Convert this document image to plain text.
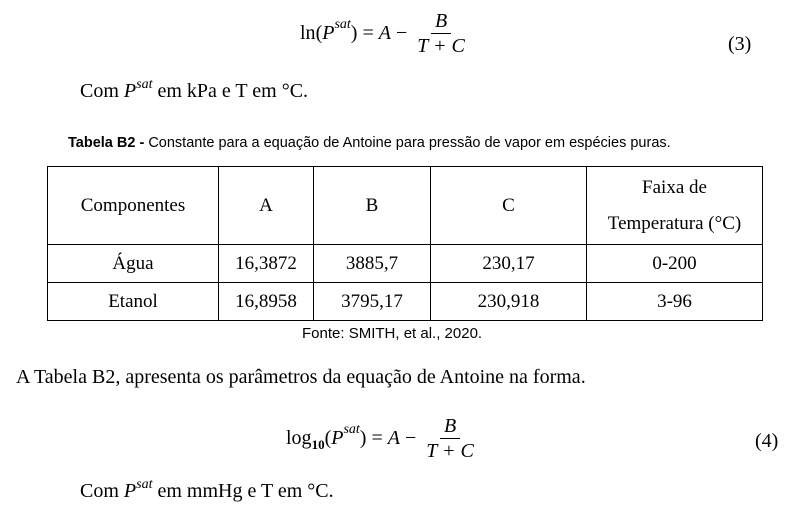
ln ( P sat ) = A
− $\frac{B}{T + C}$	(3)
Com $P^{sat}$ em kPa e T em °C.
Tabela B2 - Constante para a equação de Antoine para pressão de vapor em espécies puras.
Componentes	A	B	C	Faixa de
Temperatura (°C)

Água	16,3872	3885,7	230,17	0-200
Etanol	16,8958	3795,17	230,918	3-96
Fonte: SMITH, et al., 2020.
A Tabela B2, apresenta os parâmetros da equação de Antoine na forma.
log 10 ( P sat ) = A
− $\frac{B}{T + C}$	(4)
Com $P^{sat}$ em mmHg e T em °C.
